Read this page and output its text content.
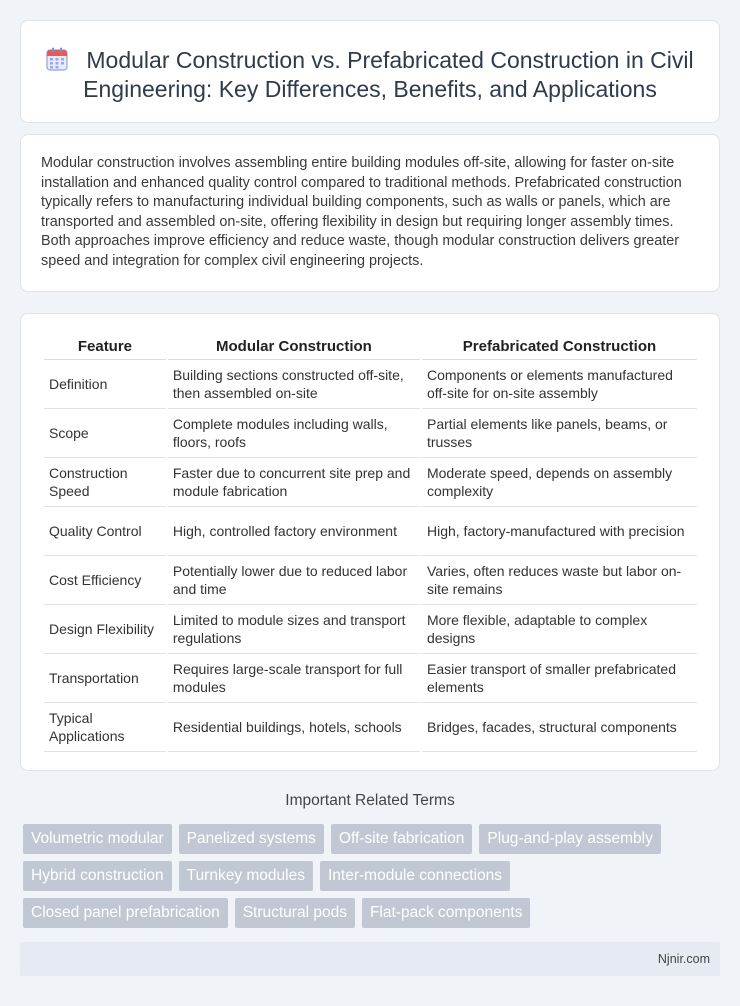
Modular Construction vs. Prefabricated Construction in Civil Engineering: Key Differences, Benefits, and Applications

Modular construction involves assembling entire building modules off-site, allowing for faster on-site installation and enhanced quality control compared to traditional methods. Prefabricated construction typically refers to manufacturing individual building components, such as walls or panels, which are transported and assembled on-site, offering flexibility in design but requiring longer assembly times. Both approaches improve efficiency and reduce waste, though modular construction delivers greater speed and integration for complex civil engineering projects.

Feature	Modular Construction	Prefabricated Construction
Definition	Building sections constructed off-site, then assembled on-site	Components or elements manufactured off-site for on-site assembly
Scope	Complete modules including walls, floors, roofs	Partial elements like panels, beams, or trusses
Construction Speed	Faster due to concurrent site prep and module fabrication	Moderate speed, depends on assembly complexity
Quality Control	High, controlled factory environment	High, factory-manufactured with precision
Cost Efficiency	Potentially lower due to reduced labor and time	Varies, often reduces waste but labor on-site remains
Design Flexibility	Limited to module sizes and transport regulations	More flexible, adaptable to complex designs
Transportation	Requires large-scale transport for full modules	Easier transport of smaller prefabricated elements
Typical Applications	Residential buildings, hotels, schools	Bridges, facades, structural components
Important Related Terms
Volumetric modular	Panelized systems	Off-site fabrication	Plug-and-play assembly
Hybrid construction	Turnkey modules	Inter-module connections
Closed panel prefabrication	Structural pods	Flat-pack components
Njnir.com
